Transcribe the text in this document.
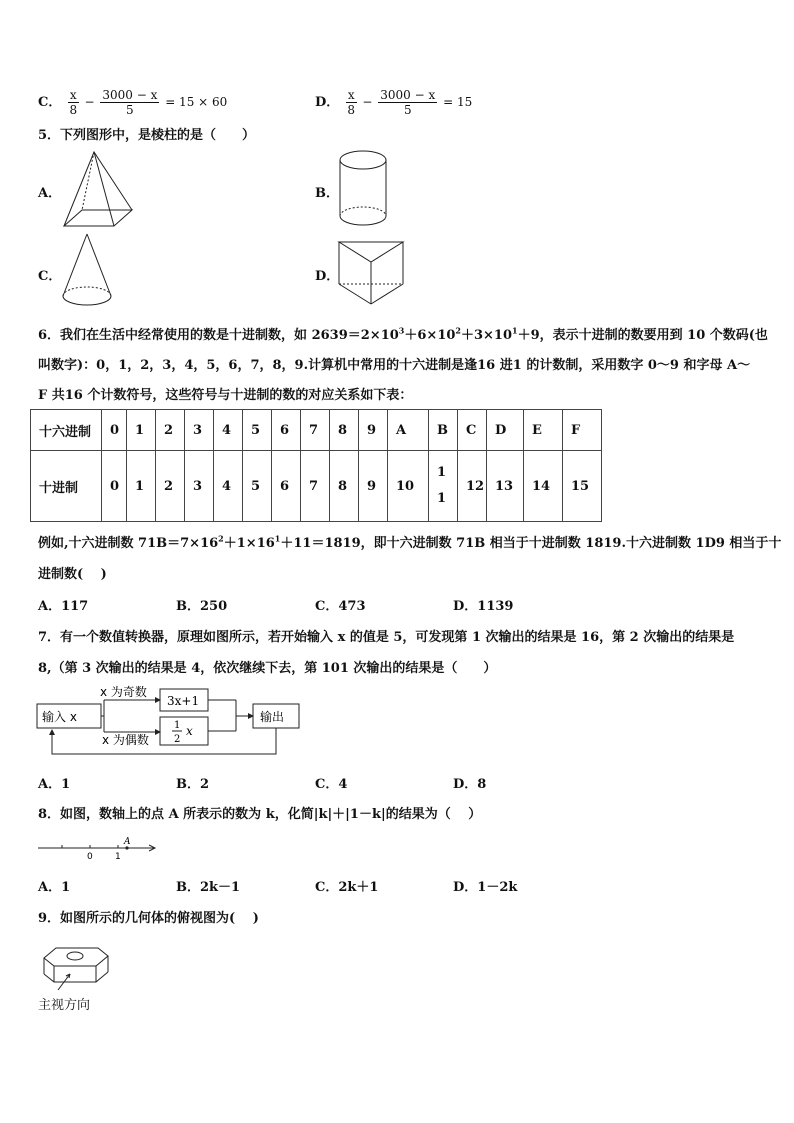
C． $\frac{x}{8} - \frac{3000 - x}{5} = 15 \times 60$	D． $\frac{x}{8} - \frac{3000 - x}{5} = 15$
5．下列图形中，是棱柱的是（　　）
A．	B．
C．	D．
6．我们在生活中经常使用的数是十进制数，如 $2639=2\times 10^3+6\times 10^2+3\times 10^1+9$，表示十进制的数要用到 10 个数码(也
叫数字)：0，1，2，3，4，5，6，7，8，9.计算机中常用的十六进制是逢16 进1 的计数制，采用数字 0～9 和字母 A～
F 共16 个计数符号，这些符号与十进制的数的对应关系如下表：
十六进制	0	1	2	3	4	5	6	7	8	9	A	B	C	D	E	F
十进制	0	1	2	3	4	5	6	7	8	9	10	1 1	12	13	14	15
例如,十六进制数 $71B=7\times 16^2+1\times 16^1+11=1819$，即十六进制数 71B 相当于十进制数 1819.十六进制数 1D9 相当于十
进制数(　 )
A．117	B．250	C．473	D．1139
7．有一个数值转换器，原理如图所示，若开始输入 x 的值是 5，可发现第 1 次输出的结果是 16，第 2 次输出的结果是
8,（第 3 次输出的结果是 4，依次继续下去，第 101 次输出的结果是（　　）
输入 x
x 为奇数
x 为偶数
3x+1
1
2
x
输出
A．1	B．2	C．4	D．8
8．如图，数轴上的点 A 所表示的数为 k，化简|k|＋|1－k|的结果为（　 ）
0 1
A
A．1	B．2k－1	C．2k＋1	D．1－2k
9．如图所示的几何体的俯视图为(　 )
主视方向
